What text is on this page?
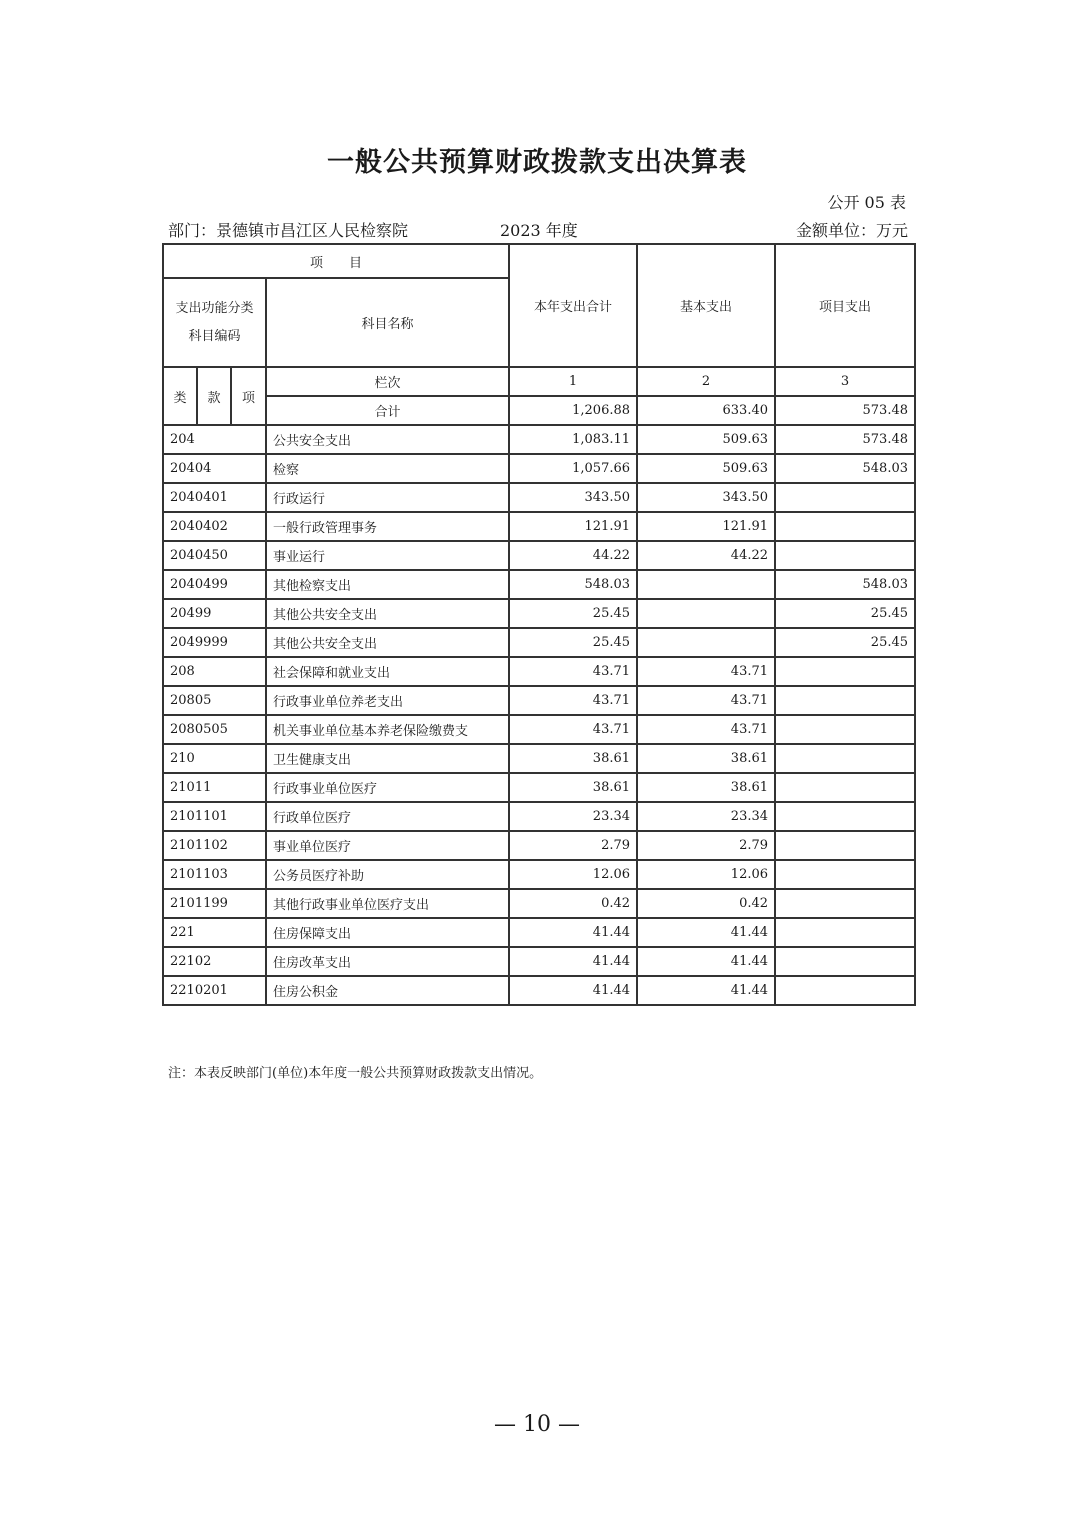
一般公共预算财政拨款支出决算表
公开 05 表
部门：景德镇市昌江区人民检察院	2023 年度	金额单位：万元
项　　目				本年支出合计	基本支出	项目支出

支出功能分类
科目编码			科目名称			
类	款	项	栏次	1	2	3
			合计	1,206.88	633.40	573.48
204			公共安全支出	1,083.11	509.63	573.48
20404			检察	1,057.66	509.63	548.03
2040401			行政运行	343.50	343.50	
2040402			一般行政管理事务	121.91	121.91	
2040450			事业运行	44.22	44.22	
2040499			其他检察支出	548.03		548.03
20499			其他公共安全支出	25.45		25.45
2049999			其他公共安全支出	25.45		25.45
208			社会保障和就业支出	43.71	43.71	
20805			行政事业单位养老支出	43.71	43.71	
2080505			机关事业单位基本养老保险缴费支	43.71	43.71	
210			卫生健康支出	38.61	38.61	
21011			行政事业单位医疗	38.61	38.61	
2101101			行政单位医疗	23.34	23.34	
2101102			事业单位医疗	2.79	2.79	
2101103			公务员医疗补助	12.06	12.06	
2101199			其他行政事业单位医疗支出	0.42	0.42	
221			住房保障支出	41.44	41.44	
22102			住房改革支出	41.44	41.44	
2210201			住房公积金	41.44	41.44	
注：本表反映部门(单位)本年度一般公共预算财政拨款支出情况。
— 10 —
